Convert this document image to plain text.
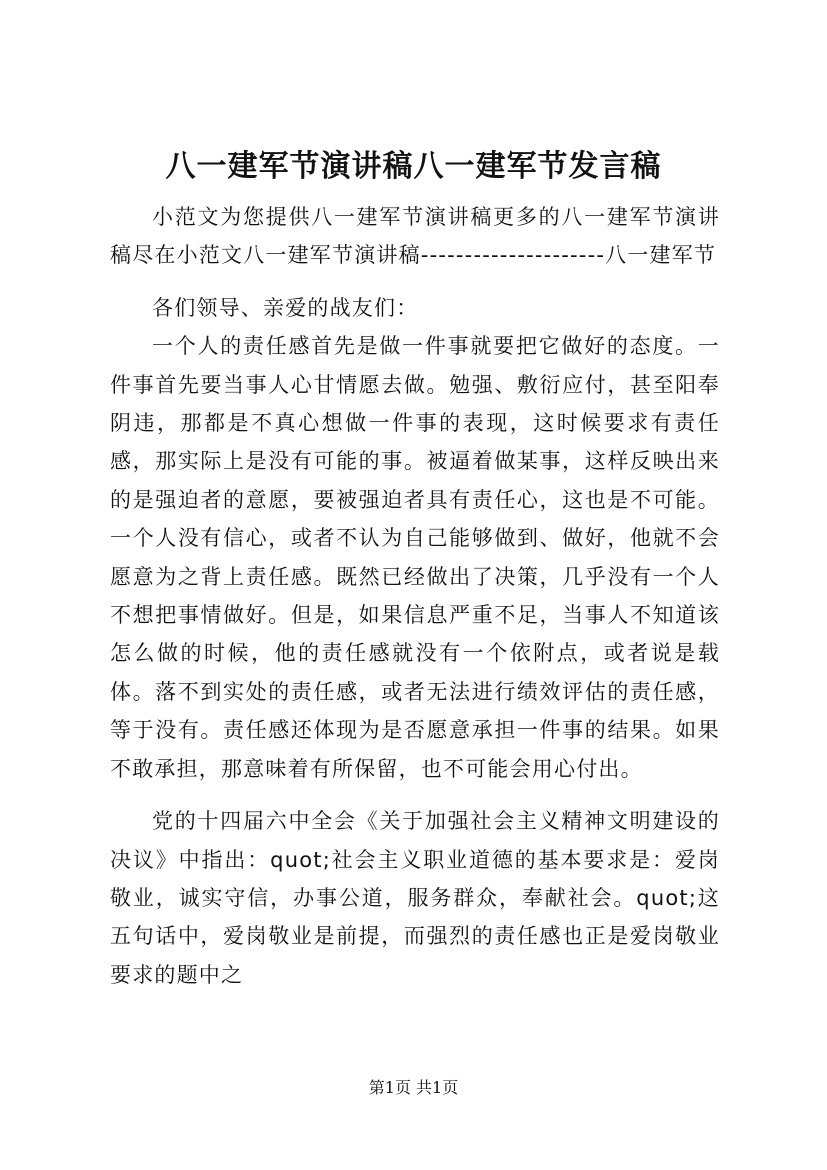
八一建军节演讲稿八一建军节发言稿

小范文为您提供八一建军节演讲稿更多的八一建军节演讲稿尽在小范文八一建军节演讲稿---------------------八一建军节

各们领导、亲爱的战友们：

一个人的责任感首先是做一件事就要把它做好的态度。一件事首先要当事人心甘情愿去做。勉强、敷衍应付，甚至阳奉阴违，那都是不真心想做一件事的表现，这时候要求有责任感，那实际上是没有可能的事。被逼着做某事，这样反映出来的是强迫者的意愿，要被强迫者具有责任心，这也是不可能。一个人没有信心，或者不认为自己能够做到、做好，他就不会愿意为之背上责任感。既然已经做出了决策，几乎没有一个人不想把事情做好。但是，如果信息严重不足，当事人不知道该怎么做的时候，他的责任感就没有一个依附点，或者说是载体。落不到实处的责任感，或者无法进行绩效评估的责任感，等于没有。责任感还体现为是否愿意承担一件事的结果。如果不敢承担，那意味着有所保留，也不可能会用心付出。

党的十四届六中全会《关于加强社会主义精神文明建设的决议》中指出：quot;社会主义职业道德的基本要求是：爱岗敬业，诚实守信，办事公道，服务群众，奉献社会。quot;这五句话中，爱岗敬业是前提，而强烈的责任感也正是爱岗敬业要求的题中之

第1页 共1页
